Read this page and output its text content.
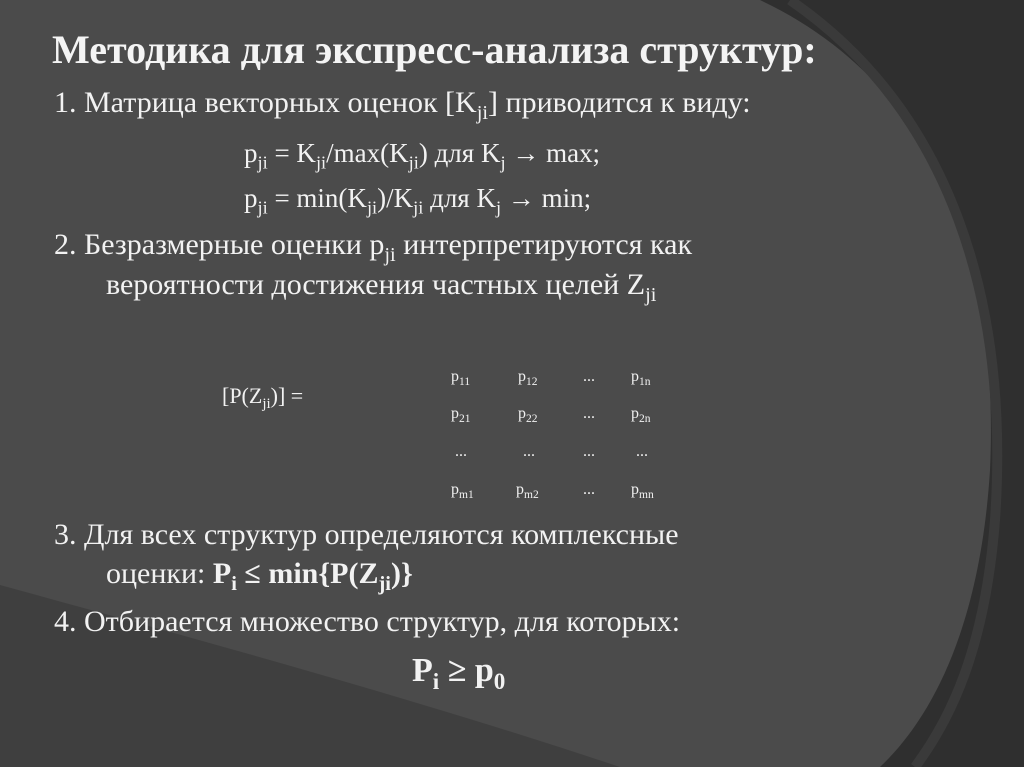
Методика для экспресс-анализа структур:
1. Матрица векторных оценок $[K_{ji}]$ приводится к виду:
$p_{ji} = K_{ji}/\max(K_{ji})$ для $K_j \to \max$;
$p_{ji} = \min(K_{ji})/K_{ji}$ для $K_j \to \min$;
2. Безразмерные оценки $p_{ji}$ интерпретируются как
вероятности достижения частных целей $Z_{ji}$
$[P(Z_{ji})]$ =
$p_{11}$	$p_{12}$	... $p_{1n}$
$p_{21}$	$p_{22}$	... $p_{2n}$
...	...	...	...
$p_{m1}$	$p_{m2}$	... $p_{mn}$
3. Для всех структур определяются комплексные
оценки: $P_i \le \min\{P(Z_{ji})\}$
4. Отбирается множество структур, для которых:
$P_i \ge p_0$
